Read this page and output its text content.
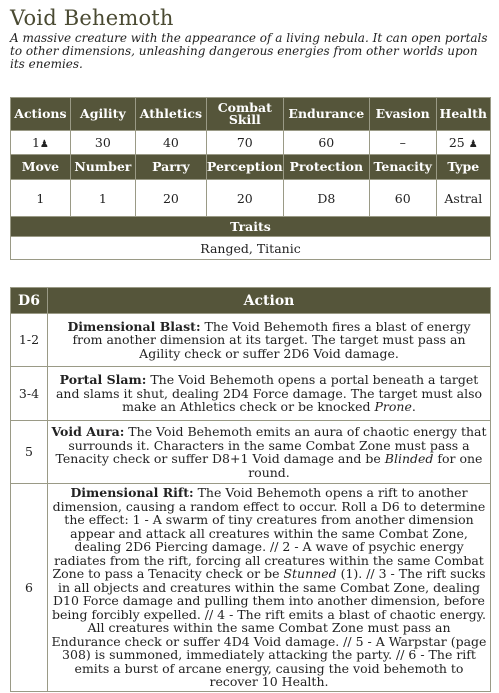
Void Behemoth
A massive creature with the appearance of a living nebula. It can open portals to other dimensions, unleashing dangerous energies from other worlds upon its enemies.
Actions	Agility	Athletics	Combat Skill	Endurance	Evasion	Health
1♟	30	40	70	60	–	25 ♟
Move	Number	Parry	Perception	Protection	Tenacity	Type
1	1	20	20	D8	60	Astral
Traits						
Ranged, Titanic						
D6	Action
1-2	Dimensional Blast: The Void Behemoth fires a blast of energy from another dimension at its target. The target must pass an Agility check or suffer 2D6 Void damage.
3-4	Portal Slam: The Void Behemoth opens a portal beneath a target and slams it shut, dealing 2D4 Force damage. The target must also make an Athletics check or be knocked Prone.
5	Void Aura: The Void Behemoth emits an aura of chaotic energy that surrounds it. Characters in the same Combat Zone must pass a Tenacity check or suffer D8+1 Void damage and be Blinded for one round.
6	Dimensional Rift: The Void Behemoth opens a rift to another dimension, causing a random effect to occur. Roll a D6 to determine the effect: 1 - A swarm of tiny creatures from another dimension appear and attack all creatures within the same Combat Zone, dealing 2D6 Piercing damage. // 2 - A wave of psychic energy radiates from the rift, forcing all creatures within the same Combat Zone to pass a Tenacity check or be Stunned (1). // 3 - The rift sucks in all objects and creatures within the same Combat Zone, dealing D10 Force damage and pulling them into another dimension, before being forcibly expelled. // 4 - The rift emits a blast of chaotic energy. All creatures within the same Combat Zone must pass an Endurance check or suffer 4D4 Void damage. // 5 - A Warpstar (page 308) is summoned, immediately attacking the party. // 6 - The rift emits a burst of arcane energy, causing the void behemoth to recover 10 Health.
